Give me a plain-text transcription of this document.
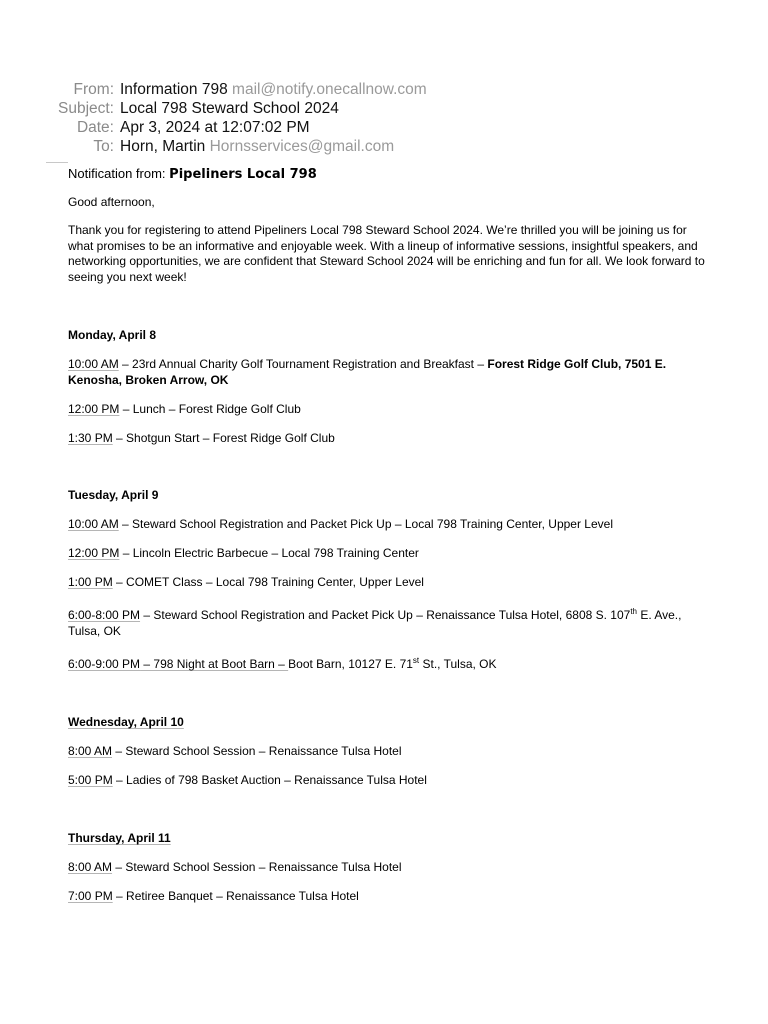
From: Information 798 mail@notify.onecallnow.com
Subject: Local 798 Steward School 2024
Date: Apr 3, 2024 at 12:07:02 PM
To: Horn, Martin Hornsservices@gmail.com
Notification from: Pipeliners Local 798
Good afternoon,
Thank you for registering to attend Pipeliners Local 798 Steward School 2024. We’re thrilled you will be joining us for what promises to be an informative and enjoyable week. With a lineup of informative sessions, insightful speakers, and networking opportunities, we are confident that Steward School 2024 will be enriching and fun for all. We look forward to seeing you next week!
Monday, April 8
10:00 AM – 23rd Annual Charity Golf Tournament Registration and Breakfast – Forest Ridge Golf Club, 7501 E. Kenosha, Broken Arrow, OK
12:00 PM – Lunch – Forest Ridge Golf Club
1:30 PM – Shotgun Start – Forest Ridge Golf Club
Tuesday, April 9
10:00 AM – Steward School Registration and Packet Pick Up – Local 798 Training Center, Upper Level
12:00 PM – Lincoln Electric Barbecue – Local 798 Training Center
1:00 PM – COMET Class – Local 798 Training Center, Upper Level
6:00-8:00 PM – Steward School Registration and Packet Pick Up – Renaissance Tulsa Hotel, 6808 S. 107th E. Ave., Tulsa, OK
6:00-9:00 PM – 798 Night at Boot Barn – Boot Barn, 10127 E. 71st St., Tulsa, OK
Wednesday, April 10
8:00 AM – Steward School Session – Renaissance Tulsa Hotel
5:00 PM – Ladies of 798 Basket Auction – Renaissance Tulsa Hotel
Thursday, April 11
8:00 AM – Steward School Session – Renaissance Tulsa Hotel
7:00 PM – Retiree Banquet – Renaissance Tulsa Hotel
